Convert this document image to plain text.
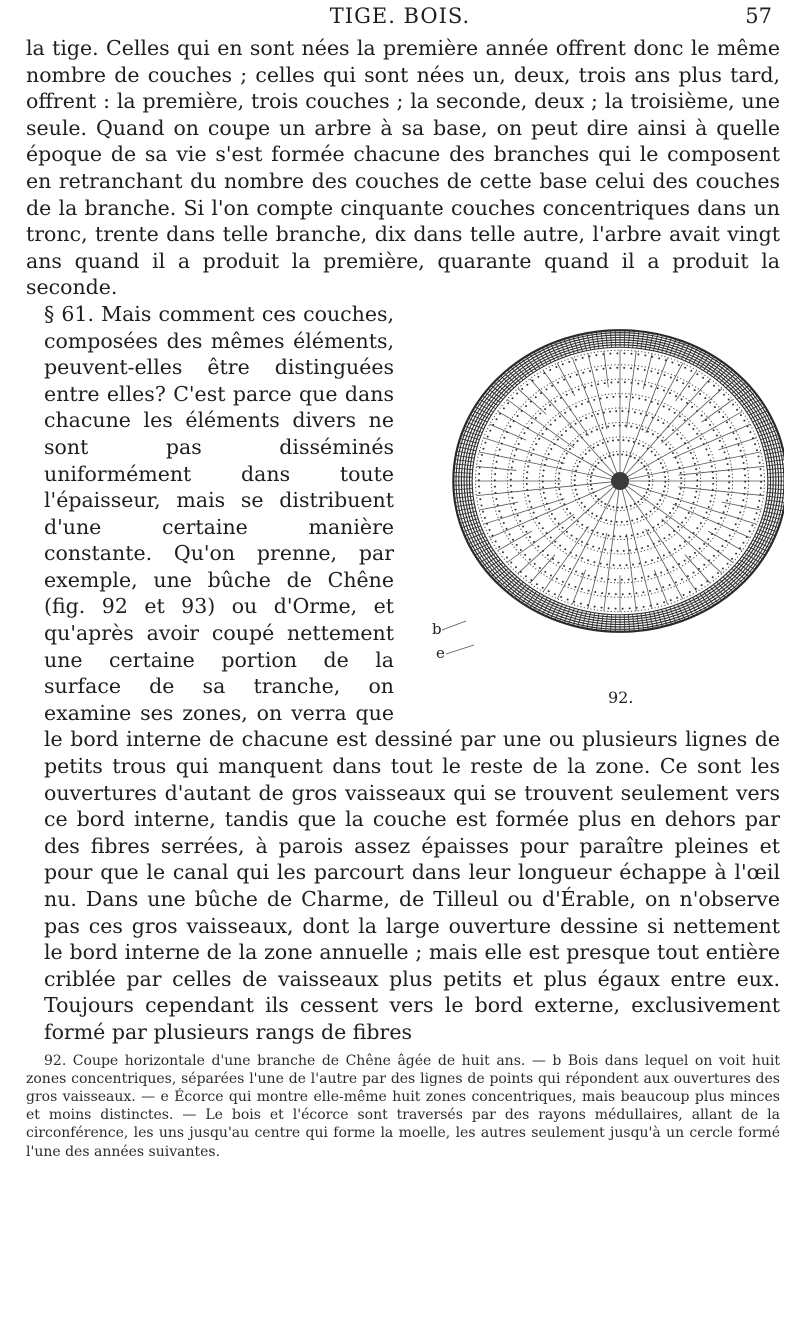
TIGE. BOIS.	57

la tige. Celles qui en sont nées la première année offrent donc le même nombre de couches ; celles qui sont nées un, deux, trois ans plus tard, offrent : la première, trois couches ; la seconde, deux ; la troisième, une seule. Quand on coupe un arbre à sa base, on peut dire ainsi à quelle époque de sa vie s'est formée chacune des branches qui le composent en retranchant du nombre des couches de cette base celui des couches de la branche. Si l'on compte cinquante couches concentriques dans un tronc, trente dans telle branche, dix dans telle autre, l'arbre avait vingt ans quand il a produit la première, quarante quand il a produit la seconde.

b
e
92.

§ 61. Mais comment ces couches, composées des mêmes éléments, peuvent-elles être distinguées entre elles? C'est parce que dans chacune les éléments divers ne sont pas disséminés uniformément dans toute l'épaisseur, mais se distribuent d'une certaine manière constante. Qu'on prenne, par exemple, une bûche de Chêne (fig. 92 et 93) ou d'Orme, et qu'après avoir coupé nettement une certaine portion de la surface de sa tranche, on examine ses zones, on verra que le bord interne de chacune est dessiné par une ou plusieurs lignes de petits trous qui manquent dans tout le reste de la zone. Ce sont les ouvertures d'autant de gros vaisseaux qui se trouvent seulement vers ce bord interne, tandis que la couche est formée plus en dehors par des fibres serrées, à parois assez épaisses pour paraître pleines et pour que le canal qui les parcourt dans leur longueur échappe à l'œil nu. Dans une bûche de Charme, de Tilleul ou d'Érable, on n'observe pas ces gros vaisseaux, dont la large ouverture dessine si nettement le bord interne de la zone annuelle ; mais elle est presque tout entière criblée par celles de vaisseaux plus petits et plus égaux entre eux. Toujours cependant ils cessent vers le bord externe, exclusivement formé par plusieurs rangs de fibres

92. Coupe horizontale d'une branche de Chêne âgée de huit ans. — b Bois dans lequel on voit huit zones concentriques, séparées l'une de l'autre par des lignes de points qui répondent aux ouvertures des gros vaisseaux. — e Écorce qui montre elle-même huit zones concentriques, mais beaucoup plus minces et moins distinctes. — Le bois et l'écorce sont traversés par des rayons médullaires, allant de la circonférence, les uns jusqu'au centre qui forme la moelle, les autres seulement jusqu'à un cercle formé l'une des années suivantes.
